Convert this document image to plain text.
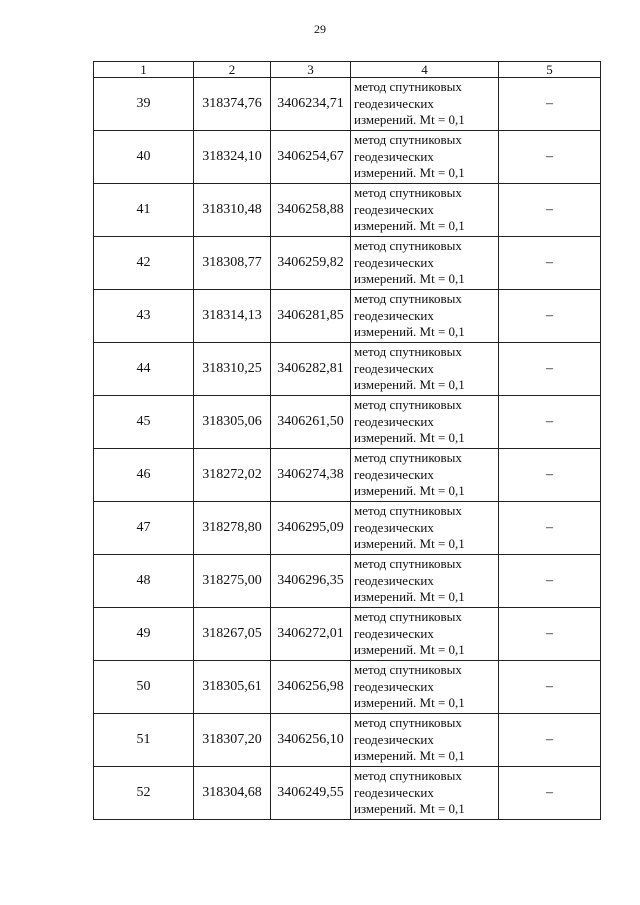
29
1	2	3	4	5
39	318374,76	3406234,71	метод спутниковых
геодезических
измерений. Mt = 0,1	–
40	318324,10	3406254,67	метод спутниковых
геодезических
измерений. Mt = 0,1	–
41	318310,48	3406258,88	метод спутниковых
геодезических
измерений. Mt = 0,1	–
42	318308,77	3406259,82	метод спутниковых
геодезических
измерений. Mt = 0,1	–
43	318314,13	3406281,85	метод спутниковых
геодезических
измерений. Mt = 0,1	–
44	318310,25	3406282,81	метод спутниковых
геодезических
измерений. Mt = 0,1	–
45	318305,06	3406261,50	метод спутниковых
геодезических
измерений. Mt = 0,1	–
46	318272,02	3406274,38	метод спутниковых
геодезических
измерений. Mt = 0,1	–
47	318278,80	3406295,09	метод спутниковых
геодезических
измерений. Mt = 0,1	–
48	318275,00	3406296,35	метод спутниковых
геодезических
измерений. Mt = 0,1	–
49	318267,05	3406272,01	метод спутниковых
геодезических
измерений. Mt = 0,1	–
50	318305,61	3406256,98	метод спутниковых
геодезических
измерений. Mt = 0,1	–
51	318307,20	3406256,10	метод спутниковых
геодезических
измерений. Mt = 0,1	–
52	318304,68	3406249,55	метод спутниковых
геодезических
измерений. Mt = 0,1	–
